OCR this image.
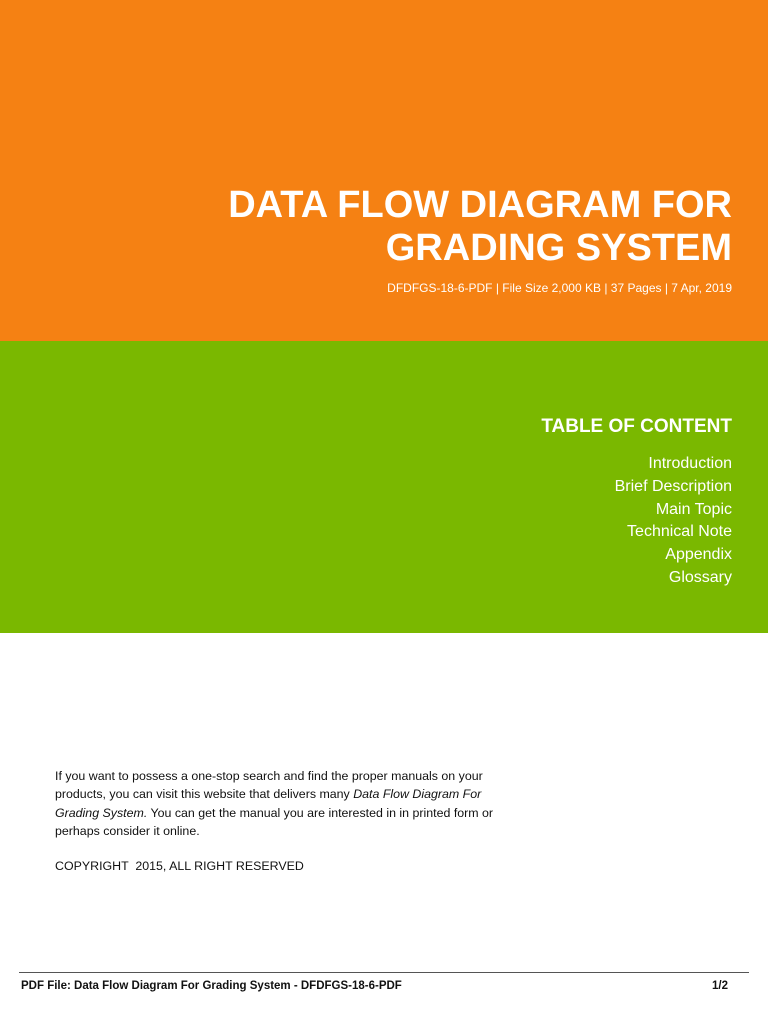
DATA FLOW DIAGRAM FOR GRADING SYSTEM
DFDFGS-18-6-PDF | File Size 2,000 KB | 37 Pages | 7 Apr, 2019
TABLE OF CONTENT
Introduction
Brief Description
Main Topic
Technical Note
Appendix
Glossary

If you want to possess a one-stop search and find the proper manuals on your products, you can visit this website that delivers many Data Flow Diagram For Grading System. You can get the manual you are interested in in printed form or perhaps consider it online.

COPYRIGHT  2015, ALL RIGHT RESERVED

PDF File: Data Flow Diagram For Grading System - DFDFGS-18-6-PDF	1/2
